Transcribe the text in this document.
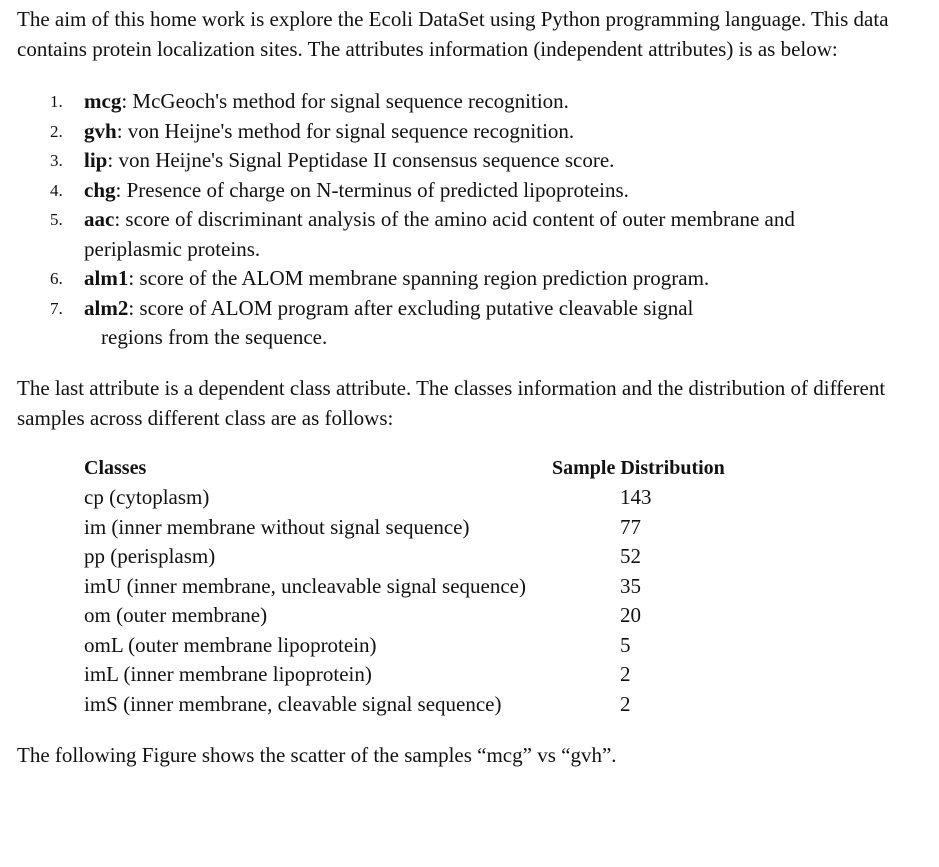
The aim of this home work is explore the Ecoli DataSet using Python programming language. This data contains protein localization sites. The attributes information (independent attributes) is as below:

1. mcg: McGeoch's method for signal sequence recognition.
2. gvh: von Heijne's method for signal sequence recognition.
3. lip: von Heijne's Signal Peptidase II consensus sequence score.
4. chg: Presence of charge on N-terminus of predicted lipoproteins.
5. aac: score of discriminant analysis of the amino acid content of outer membrane and
periplasmic proteins.
6. alm1: score of the ALOM membrane spanning region prediction program.
7. alm2: score of ALOM program after excluding putative cleavable signal
regions from the sequence.

The last attribute is a dependent class attribute. The classes information and the distribution of different samples across different class are as follows:

Classes	Sample Distribution
cp (cytoplasm)	143
im (inner membrane without signal sequence)	77
pp (perisplasm)	52
imU (inner membrane, uncleavable signal sequence)	35
om (outer membrane)	20
omL (outer membrane lipoprotein)	5
imL (inner membrane lipoprotein)	2
imS (inner membrane, cleavable signal sequence)	2

The following Figure shows the scatter of the samples “mcg” vs “gvh”.
